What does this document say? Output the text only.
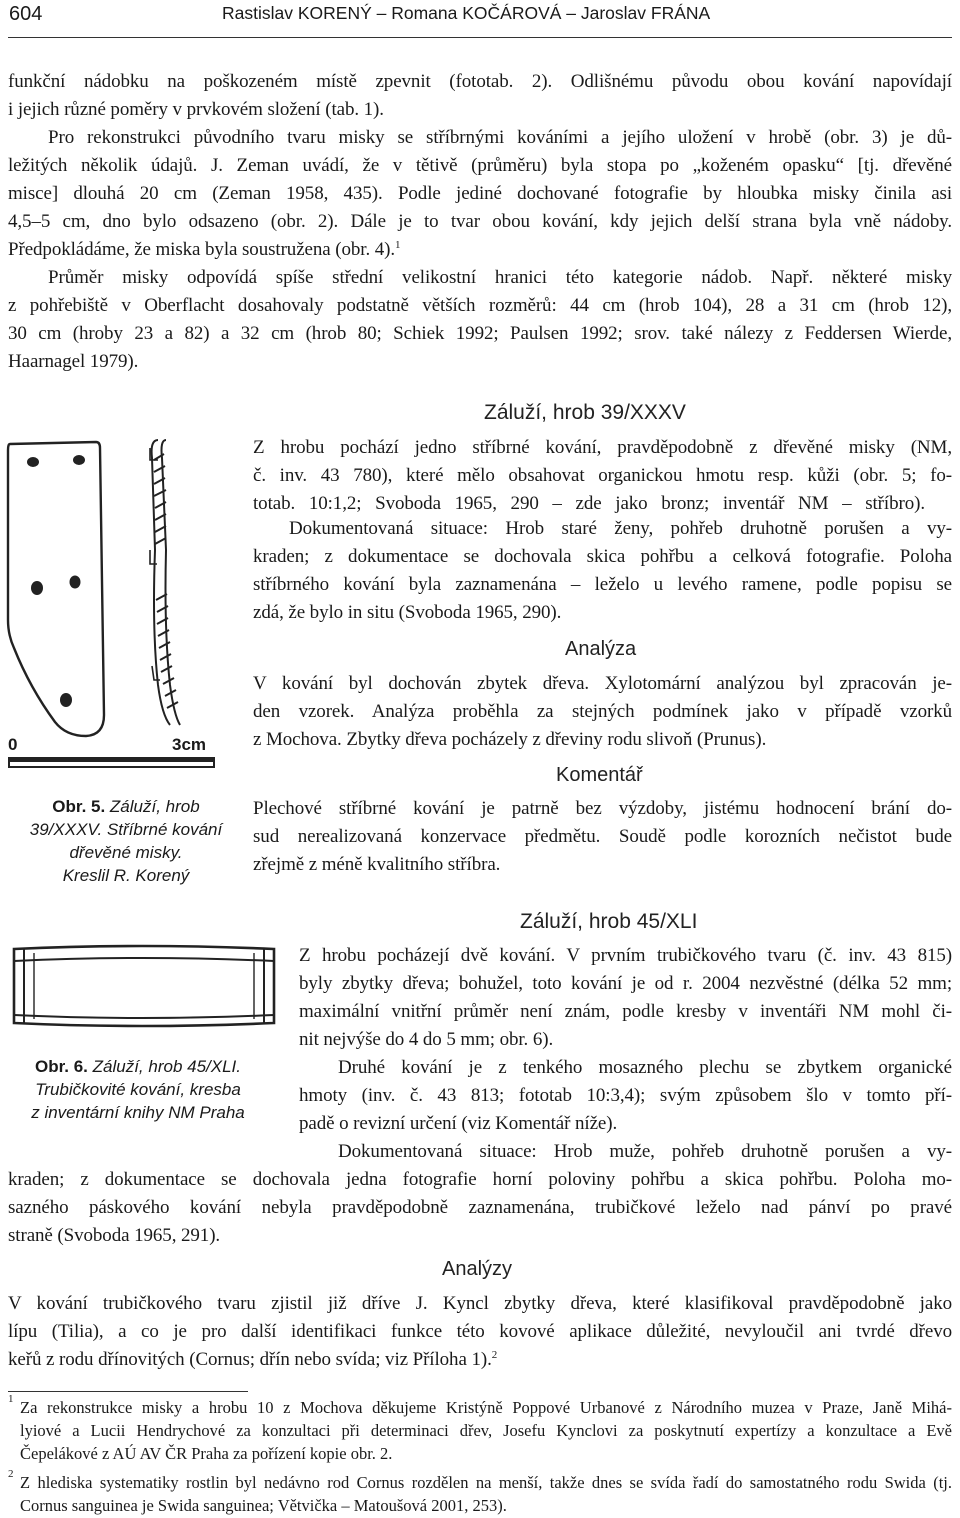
604	Rastislav KORENÝ – Romana KOČÁROVÁ – Jaroslav FRÁNA
funkční nádobku na poškozeném místě zpevnit (fototab. 2). Odlišnému původu obou kování napovídají
i jejich různé poměry v prvkovém složení (tab. 1).
Pro rekonstrukci původního tvaru misky se stříbrnými kováními a jejího uložení v hrobě (obr. 3) je dů-
ležitých několik údajů. J. Zeman uvádí, že v tětivě (průměru) byla stopa po „koženém opasku“ [tj. dřevěné
misce] dlouhá 20 cm (Zeman 1958, 435). Podle jediné dochované fotografie by hloubka misky činila asi
4,5–5 cm, dno bylo odsazeno (obr. 2). Dále je to tvar obou kování, kdy jejich delší strana byla vně nádoby.
Předpokládáme, že miska byla soustružena (obr. 4).$^1$
Průměr misky odpovídá spíše střední velikostní hranici této kategorie nádob. Např. některé misky
z pohřebiště v Oberflacht dosahovaly podstatně větších rozměrů: 44 cm (hrob 104), 28 a 31 cm (hrob 12),
30 cm (hroby 23 a 82) a 32 cm (hrob 80; Schiek 1992; Paulsen 1992; srov. také nálezy z Feddersen Wierde,
Haarnagel 1979).
0	3cm
Obr. 5. Záluží, hrob
39/XXXV. Stříbrné kování
dřevěné misky.
Kreslil R. Korený
Záluží, hrob 39/XXXV
Z hrobu pochází jedno stříbrné kování, pravděpodobně z dřevěné misky (NM,
č. inv. 43 780), které mělo obsahovat organickou hmotu resp. kůži (obr. 5; fo-
totab. 10:1,2; Svoboda 1965, 290 – zde jako bronz; inventář NM – stříbro).
Dokumentovaná situace: Hrob staré ženy, pohřeb druhotně porušen a vy-
kraden; z dokumentace se dochovala skica pohřbu a celková fotografie. Poloha
stříbrného kování byla zaznamenána – leželo u levého ramene, podle popisu se
zdá, že bylo in situ (Svoboda 1965, 290).
Analýza
V kování byl dochován zbytek dřeva. Xylotomární analýzou byl zpracován je-
den vzorek. Analýza proběhla za stejných podmínek jako v případě vzorků
z Mochova. Zbytky dřeva pocházely z dřeviny rodu slivoň (Prunus).
Komentář
Plechové stříbrné kování je patrně bez výzdoby, jistému hodnocení brání do-
sud nerealizovaná konzervace předmětu. Soudě podle korozních nečistot bude
zřejmě z méně kvalitního stříbra.
Obr. 6. Záluží, hrob 45/XLI.
Trubičkovité kování, kresba
z inventární knihy NM Praha
Záluží, hrob 45/XLI
Z hrobu pocházejí dvě kování. V prvním trubičkového tvaru (č. inv. 43 815)
byly zbytky dřeva; bohužel, toto kování je od r. 2004 nezvěstné (délka 52 mm;
maximální vnitřní průměr není znám, podle kresby v inventáři NM mohl či-
nit nejvýše do 4 do 5 mm; obr. 6).
Druhé kování je z tenkého mosazného plechu se zbytkem organické
hmoty (inv. č. 43 813; fototab 10:3,4); svým způsobem šlo v tomto pří-
padě o revizní určení (viz Komentář níže).
Dokumentovaná situace: Hrob muže, pohřeb druhotně porušen a vy-
kraden; z dokumentace se dochovala jedna fotografie horní poloviny pohřbu a skica pohřbu. Poloha mo-
sazného páskového kování nebyla pravděpodobně zaznamenána, trubičkové leželo nad pánví po pravé
straně (Svoboda 1965, 291).
Analýzy
V kování trubičkového tvaru zjistil již dříve J. Kyncl zbytky dřeva, které klasifikoval pravděpodobně jako
lípu (Tilia), a co je pro další identifikaci funkce této kovové aplikace důležité, nevyloučil ani tvrdé dřevo
keřů z rodu dřínovitých (Cornus; dřín nebo svída; viz Příloha 1).$^2$
1 Za rekonstrukce misky a hrobu 10 z Mochova děkujeme Kristýně Poppové Urbanové z Národního muzea v Praze, Janě Mihá-
lyiové a Lucii Hendrychové za konzultaci při determinaci dřev, Josefu Kynclovi za poskytnutí expertízy a konzultace a Evě
Čepelákové z AÚ AV ČR Praha za pořízení kopie obr. 2.
2 Z hlediska systematiky rostlin byl nedávno rod Cornus rozdělen na menší, takže dnes se svída řadí do samostatného rodu Swida (tj.
Cornus sanguinea je Swida sanguinea; Větvička – Matoušová 2001, 253).
